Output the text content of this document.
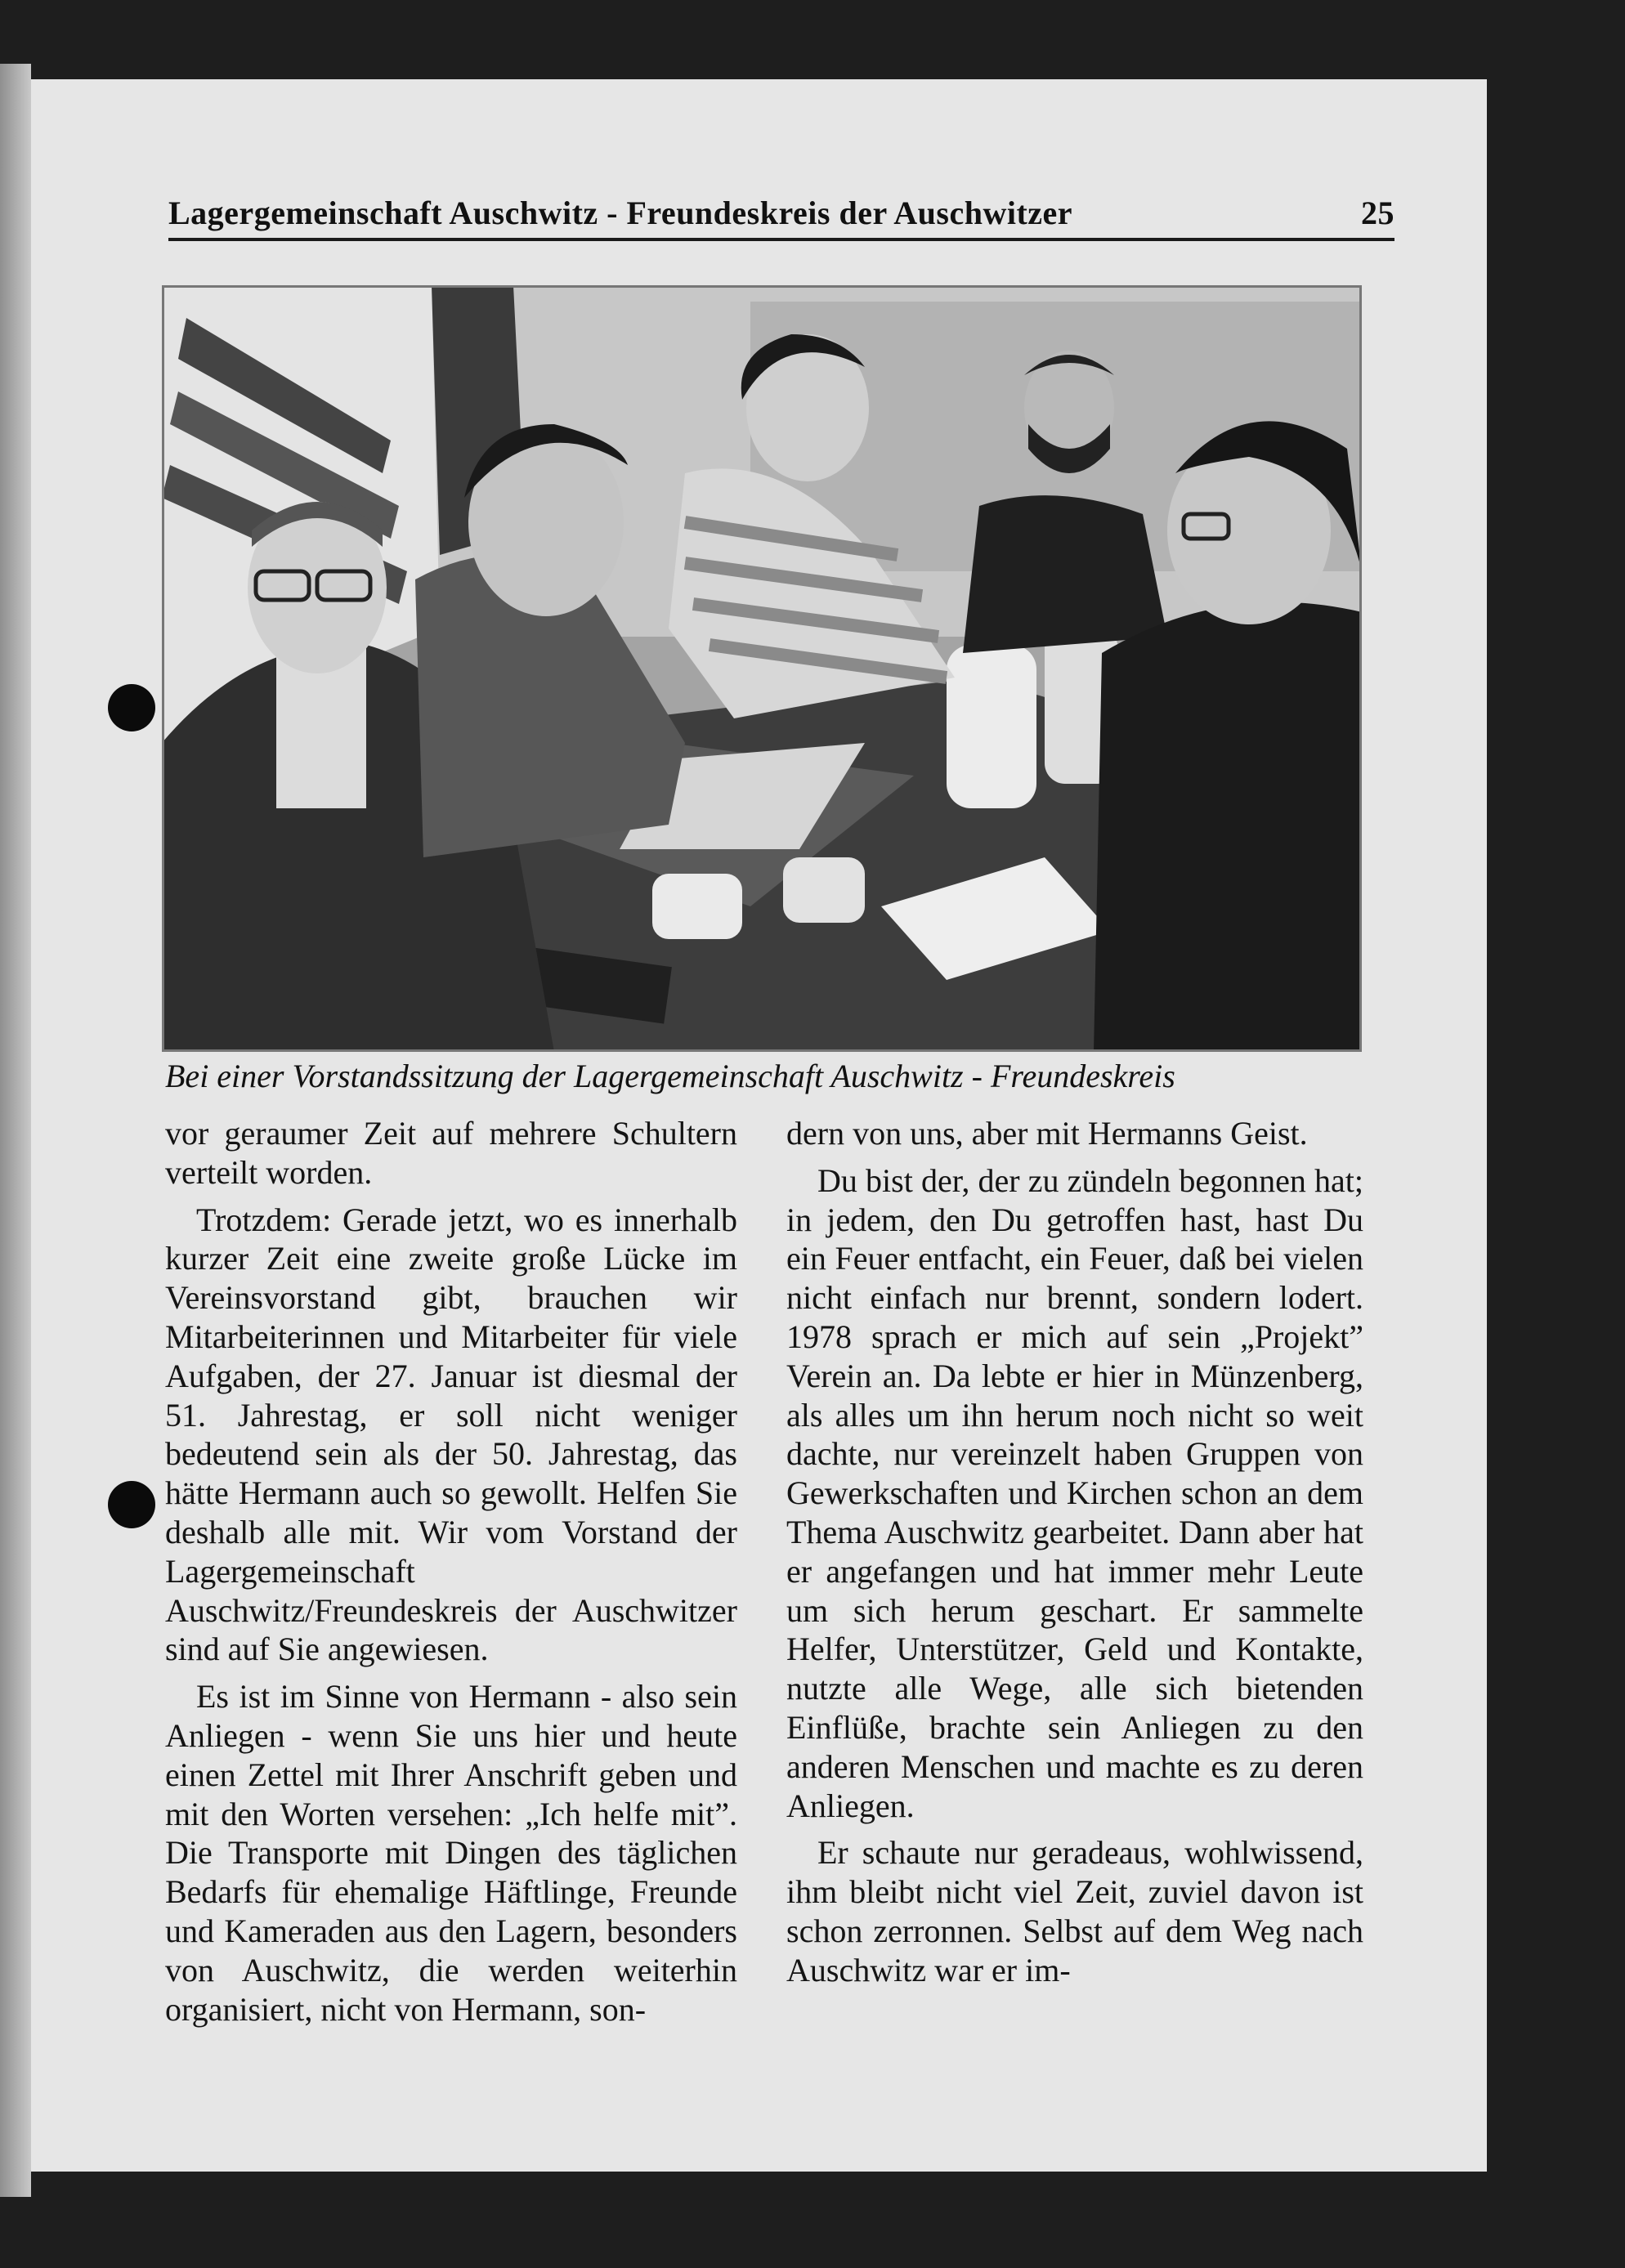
Lagergemeinschaft Auschwitz - Freundeskreis der Auschwitzer	25
Bei einer Vorstandssitzung der Lagergemeinschaft Auschwitz - Freundeskreis

vor geraumer Zeit auf mehrere Schultern verteilt worden.

Trotzdem: Gerade jetzt, wo es innerhalb kurzer Zeit eine zweite große Lücke im Vereinsvorstand gibt, brauchen wir Mitarbeiterinnen und Mitarbeiter für viele Aufgaben, der 27. Januar ist diesmal der 51. Jahrestag, er soll nicht weniger bedeutend sein als der 50. Jahrestag, das hätte Hermann auch so gewollt. Helfen Sie deshalb alle mit. Wir vom Vorstand der Lagergemeinschaft Auschwitz/Freundeskreis der Auschwitzer sind auf Sie angewiesen.

Es ist im Sinne von Hermann - also sein Anliegen - wenn Sie uns hier und heute einen Zettel mit Ihrer Anschrift geben und mit den Worten versehen: „Ich helfe mit”. Die Transporte mit Dingen des täglichen Bedarfs für ehemalige Häftlinge, Freunde und Kameraden aus den Lagern, besonders von Auschwitz, die werden weiterhin organisiert, nicht von Hermann, son-

dern von uns, aber mit Hermanns Geist.

Du bist der, der zu zündeln begonnen hat; in jedem, den Du getroffen hast, hast Du ein Feuer entfacht, ein Feuer, daß bei vielen nicht einfach nur brennt, sondern lodert. 1978 sprach er mich auf sein „Projekt” Verein an. Da lebte er hier in Münzenberg, als alles um ihn herum noch nicht so weit dachte, nur vereinzelt haben Gruppen von Gewerkschaften und Kirchen schon an dem Thema Auschwitz gearbeitet. Dann aber hat er angefangen und hat immer mehr Leute um sich herum geschart. Er sammelte Helfer, Unterstützer, Geld und Kontakte, nutzte alle Wege, alle sich bietenden Einflüße, brachte sein Anliegen zu den anderen Menschen und machte es zu deren Anliegen.

Er schaute nur geradeaus, wohlwissend, ihm bleibt nicht viel Zeit, zuviel davon ist schon zerronnen. Selbst auf dem Weg nach Auschwitz war er im-
